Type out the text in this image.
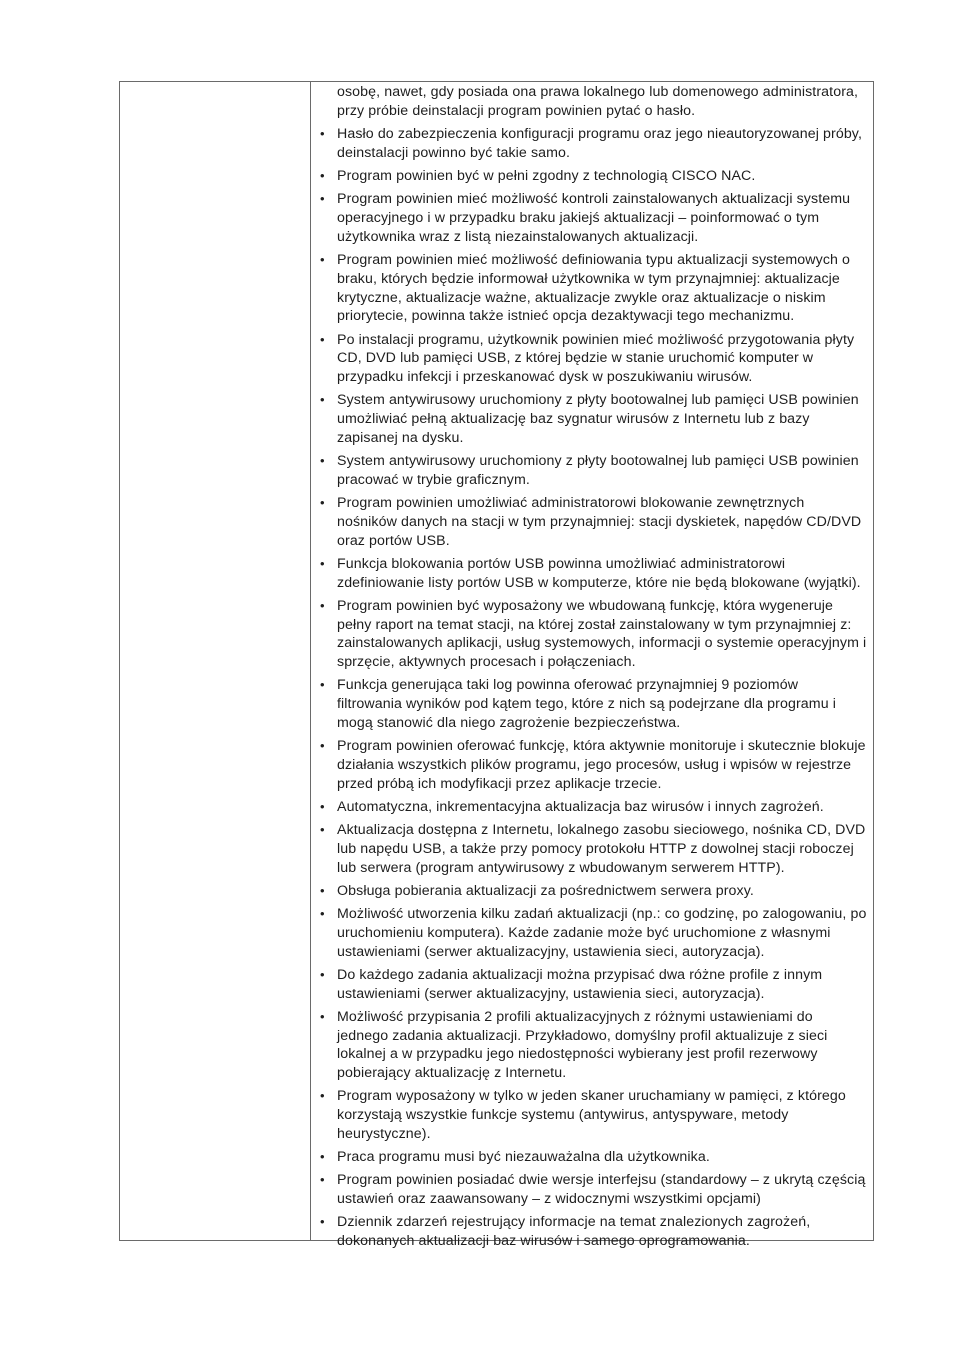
osobę, nawet, gdy posiada ona prawa lokalnego lub domenowego administratora, przy próbie deinstalacji program powinien pytać o hasło.

• Hasło do zabezpieczenia konfiguracji programu oraz jego nieautoryzowanej próby, deinstalacji powinno być takie samo.
• Program powinien być w pełni zgodny z technologią CISCO NAC.
• Program powinien mieć możliwość kontroli zainstalowanych aktualizacji systemu operacyjnego i w przypadku braku jakiejś aktualizacji – poinformować o tym użytkownika wraz z listą niezainstalowanych aktualizacji.
• Program powinien mieć możliwość definiowania typu aktualizacji systemowych o braku, których będzie informował użytkownika w tym przynajmniej: aktualizacje krytyczne, aktualizacje ważne, aktualizacje zwykle oraz aktualizacje o niskim priorytecie, powinna także istnieć opcja dezaktywacji tego mechanizmu.
• Po instalacji programu, użytkownik powinien mieć możliwość przygotowania płyty CD, DVD lub pamięci USB, z której będzie w stanie uruchomić komputer w przypadku infekcji i przeskanować dysk w poszukiwaniu wirusów.
• System antywirusowy uruchomiony z płyty bootowalnej lub pamięci USB powinien umożliwiać pełną aktualizację baz sygnatur wirusów z Internetu lub z bazy zapisanej na dysku.
• System antywirusowy uruchomiony z płyty bootowalnej lub pamięci USB powinien pracować w trybie graficznym.
• Program powinien umożliwiać administratorowi blokowanie zewnętrznych nośników danych na stacji w tym przynajmniej: stacji dyskietek, napędów CD/DVD oraz portów USB.
• Funkcja blokowania portów USB powinna umożliwiać administratorowi zdefiniowanie listy portów USB w komputerze, które nie będą blokowane (wyjątki).
• Program powinien być wyposażony we wbudowaną funkcję, która wygeneruje pełny raport na temat stacji, na której został zainstalowany w tym przynajmniej z: zainstalowanych aplikacji, usług systemowych, informacji o systemie operacyjnym i sprzęcie, aktywnych procesach i połączeniach.
• Funkcja generująca taki log powinna oferować przynajmniej 9 poziomów filtrowania wyników pod kątem tego, które z nich są podejrzane dla programu i mogą stanowić dla niego zagrożenie bezpieczeństwa.
• Program powinien oferować funkcję, która aktywnie monitoruje i skutecznie blokuje działania wszystkich plików programu, jego procesów, usług i wpisów w rejestrze przed próbą ich modyfikacji przez aplikacje trzecie.
• Automatyczna, inkrementacyjna aktualizacja baz wirusów i innych zagrożeń.
• Aktualizacja dostępna z Internetu, lokalnego zasobu sieciowego, nośnika CD, DVD lub napędu USB, a także przy pomocy protokołu HTTP z dowolnej stacji roboczej lub serwera (program antywirusowy z wbudowanym serwerem HTTP).
• Obsługa pobierania aktualizacji za pośrednictwem serwera proxy.
• Możliwość utworzenia kilku zadań aktualizacji (np.: co godzinę, po zalogowaniu, po uruchomieniu komputera). Każde zadanie może być uruchomione z własnymi ustawieniami (serwer aktualizacyjny, ustawienia sieci, autoryzacja).
• Do każdego zadania aktualizacji można przypisać dwa różne profile z innym ustawieniami (serwer aktualizacyjny, ustawienia sieci, autoryzacja).
• Możliwość przypisania 2 profili aktualizacyjnych z różnymi ustawieniami do jednego zadania aktualizacji. Przykładowo, domyślny profil aktualizuje z sieci lokalnej a w przypadku jego niedostępności wybierany jest profil rezerwowy pobierający aktualizację z Internetu.
• Program wyposażony w tylko w jeden skaner uruchamiany w pamięci, z którego korzystają wszystkie funkcje systemu (antywirus, antyspyware, metody heurystyczne).
• Praca programu musi być niezauważalna dla użytkownika.
• Program powinien posiadać dwie wersje interfejsu (standardowy – z ukrytą częścią ustawień oraz zaawansowany – z widocznymi wszystkimi opcjami)
• Dziennik zdarzeń rejestrujący informacje na temat znalezionych zagrożeń, dokonanych aktualizacji baz wirusów i samego oprogramowania.
